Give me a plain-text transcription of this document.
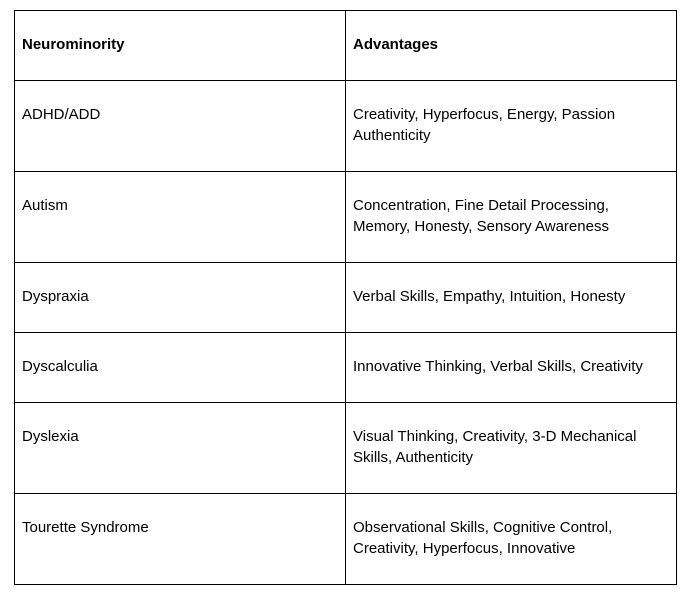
Neurominority	Advantages
ADHD/ADD	Creativity, Hyperfocus, Energy, Passion
Authenticity

Autism	Concentration, Fine Detail Processing,
Memory, Honesty, Sensory Awareness

Dyspraxia	Verbal Skills, Empathy, Intuition, Honesty

Dyscalculia	Innovative Thinking, Verbal Skills, Creativity

Dyslexia	Visual Thinking, Creativity, 3-D Mechanical
Skills, Authenticity

Tourette Syndrome	Observational Skills, Cognitive Control,
Creativity, Hyperfocus, Innovative
